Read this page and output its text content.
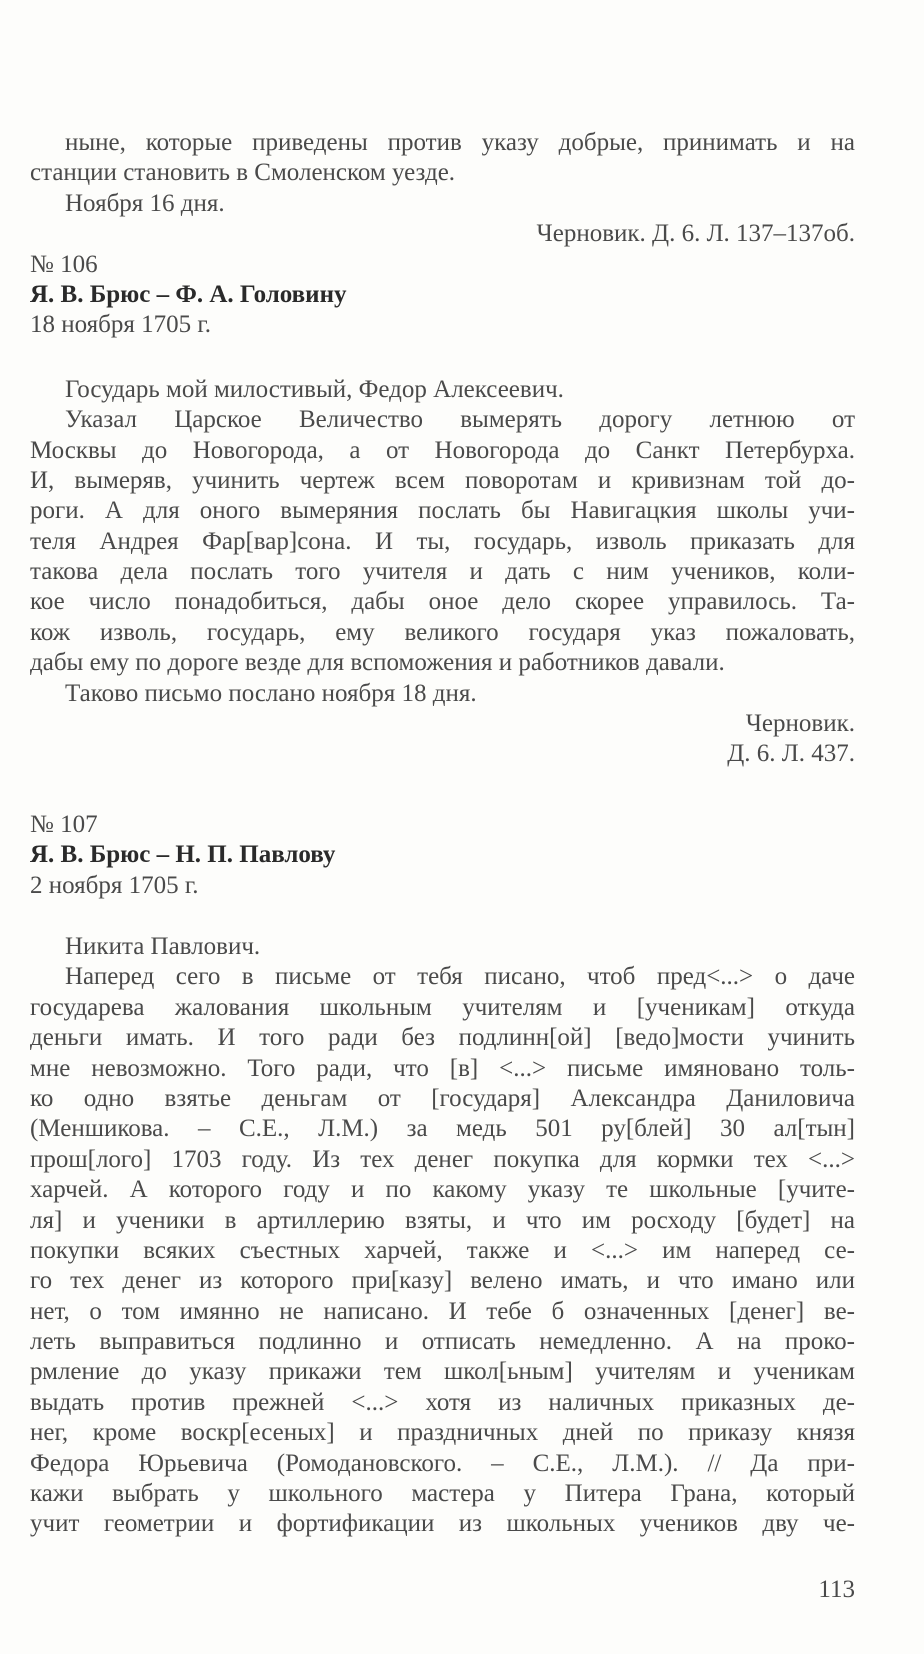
ныне, которые приведены против указу добрые, принимать и на
станции становить в Смоленском уезде.
Ноября 16 дня.
Черновик. Д. 6. Л. 137–137об.
№ 106
Я. В. Брюс – Ф. А. Головину
18 ноября 1705 г.
Государь мой милостивый, Федор Алексеевич.
Указал Царское Величество вымерять дорогу летнюю от
Москвы до Новогорода, а от Новогорода до Санкт Петербурха.
И, вымеряв, учинить чертеж всем поворотам и кривизнам той до-
роги. А для оного вымеряния послать бы Навигацкия школы учи-
теля Андрея Фар[вар]сона. И ты, государь, изволь приказать для
такова дела послать того учителя и дать с ним учеников, коли-
кое число понадобиться, дабы оное дело скорее управилось. Та-
кож изволь, государь, ему великого государя указ пожаловать,
дабы ему по дороге везде для вспоможения и работников давали.
Таково письмо послано ноября 18 дня.
Черновик.
Д. 6. Л. 437.
№ 107
Я. В. Брюс – Н. П. Павлову
2 ноября 1705 г.
Никита Павлович.
Наперед сего в письме от тебя писано, чтоб пред<...> о даче
государева жалования школьным учителям и [ученикам] откуда
деньги имать. И того ради без подлинн[ой] [ведо]мости учинить
мне невозможно. Того ради, что [в] <...> письме имяновано толь-
ко одно взятье деньгам от [государя] Александра Даниловича
(Меншикова. – С.Е., Л.М.) за медь 501 ру[блей] 30 ал[тын]
прош[лого] 1703 году. Из тех денег покупка для кормки тех <...>
харчей. А которого году и по какому указу те школьные [учите-
ля] и ученики в артиллерию взяты, и что им росходу [будет] на
покупки всяких съестных харчей, также и <...> им наперед се-
го тех денег из которого при[казу] велено имать, и что имано или
нет, о том имянно не написано. И тебе б означенных [денег] ве-
леть выправиться подлинно и отписать немедленно. А на проко-
рмление до указу прикажи тем школ[ьным] учителям и ученикам
выдать против прежней <...> хотя из наличных приказных де-
нег, кроме воскр[есеных] и праздничных дней по приказу князя
Федора Юрьевича (Ромодановского. – С.Е., Л.М.). // Да при-
кажи выбрать у школьного мастера у Питера Грана, который
учит геометрии и фортификации из школьных учеников дву че-
113
